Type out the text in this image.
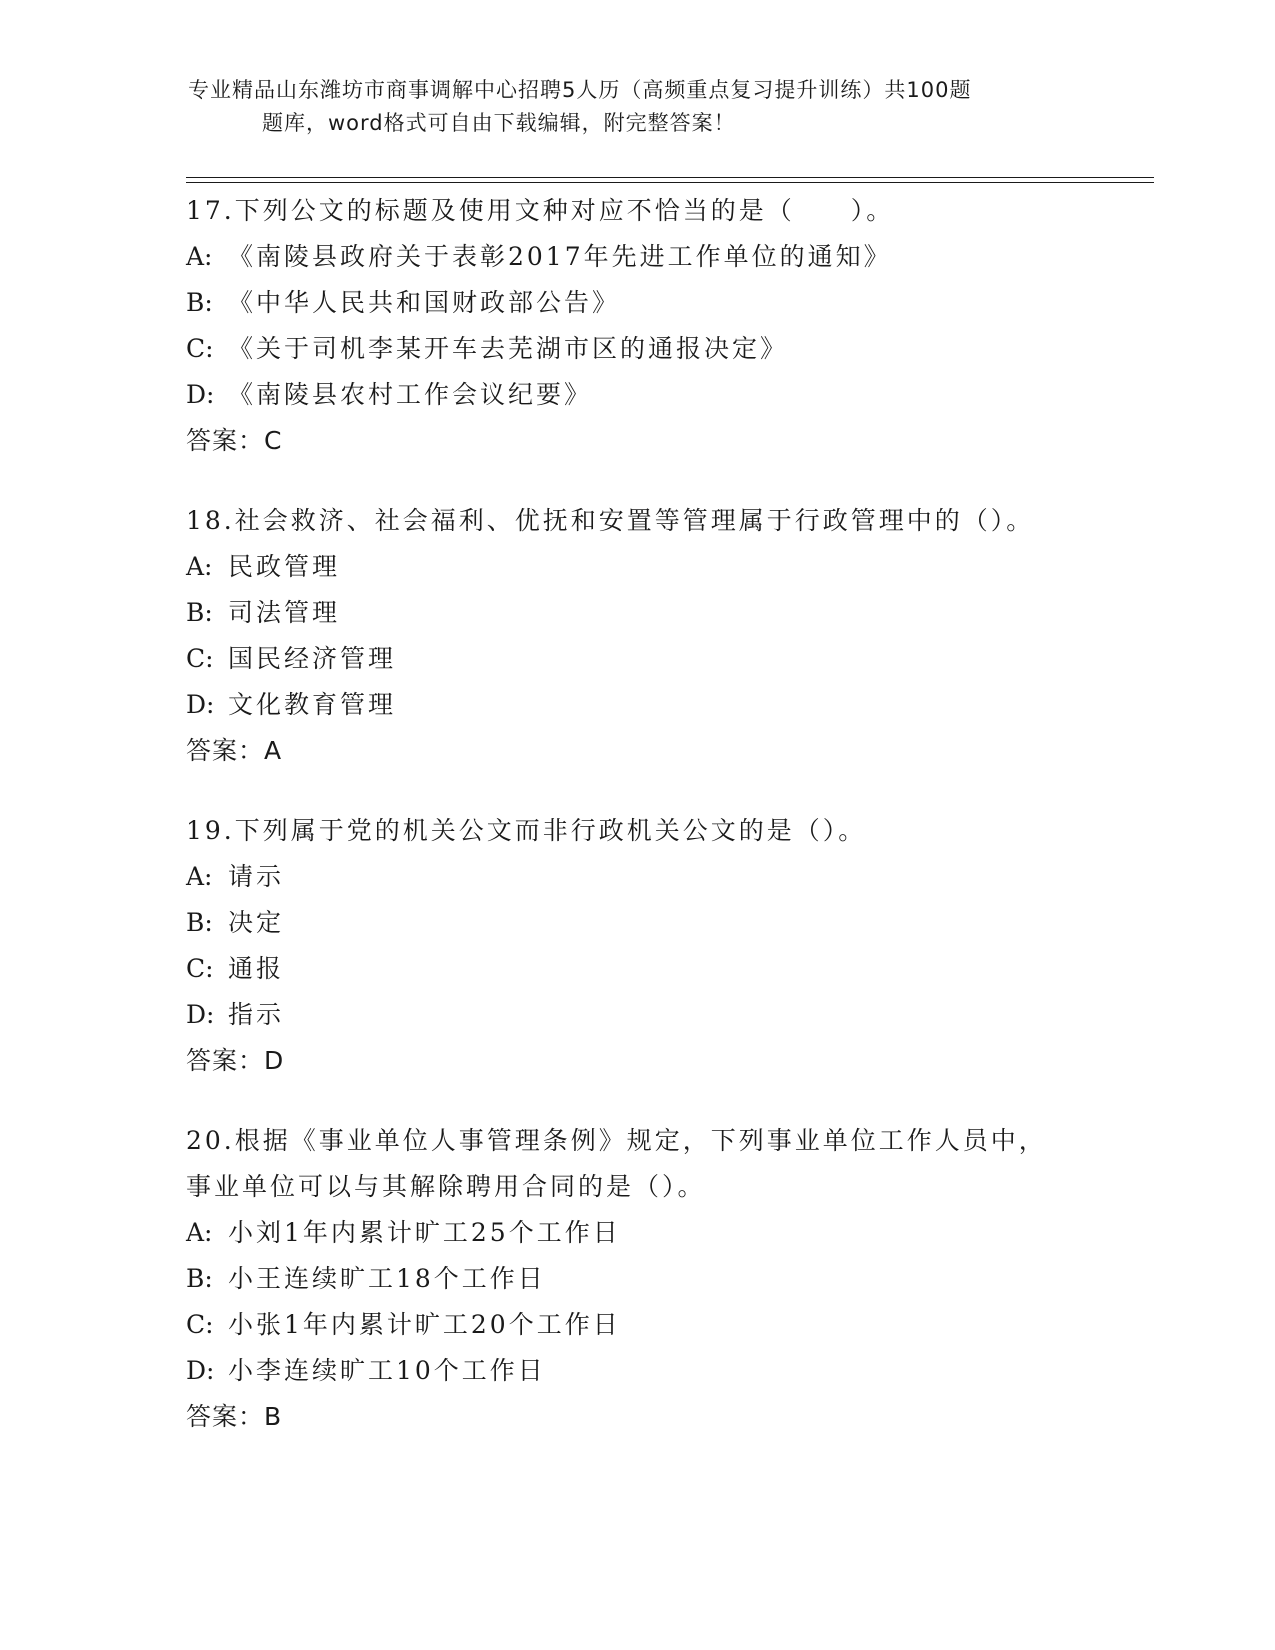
专业精品山东潍坊市商事调解中心招聘5人历（高频重点复习提升训练）共100题
题库，word格式可自由下载编辑，附完整答案！
17.下列公文的标题及使用文种对应不恰当的是（　　）。
A: 《南陵县政府关于表彰2017年先进工作单位的通知》
B: 《中华人民共和国财政部公告》
C: 《关于司机李某开车去芜湖市区的通报决定》
D: 《南陵县农村工作会议纪要》
答案：C
18.社会救济、社会福利、优抚和安置等管理属于行政管理中的（）。
A: 民政管理
B: 司法管理
C: 国民经济管理
D: 文化教育管理
答案：A
19.下列属于党的机关公文而非行政机关公文的是（）。
A: 请示
B: 决定
C: 通报
D: 指示
答案：D
20.根据《事业单位人事管理条例》规定，下列事业单位工作人员中，
事业单位可以与其解除聘用合同的是（）。
A: 小刘1年内累计旷工25个工作日
B: 小王连续旷工18个工作日
C: 小张1年内累计旷工20个工作日
D: 小李连续旷工10个工作日
答案：B
